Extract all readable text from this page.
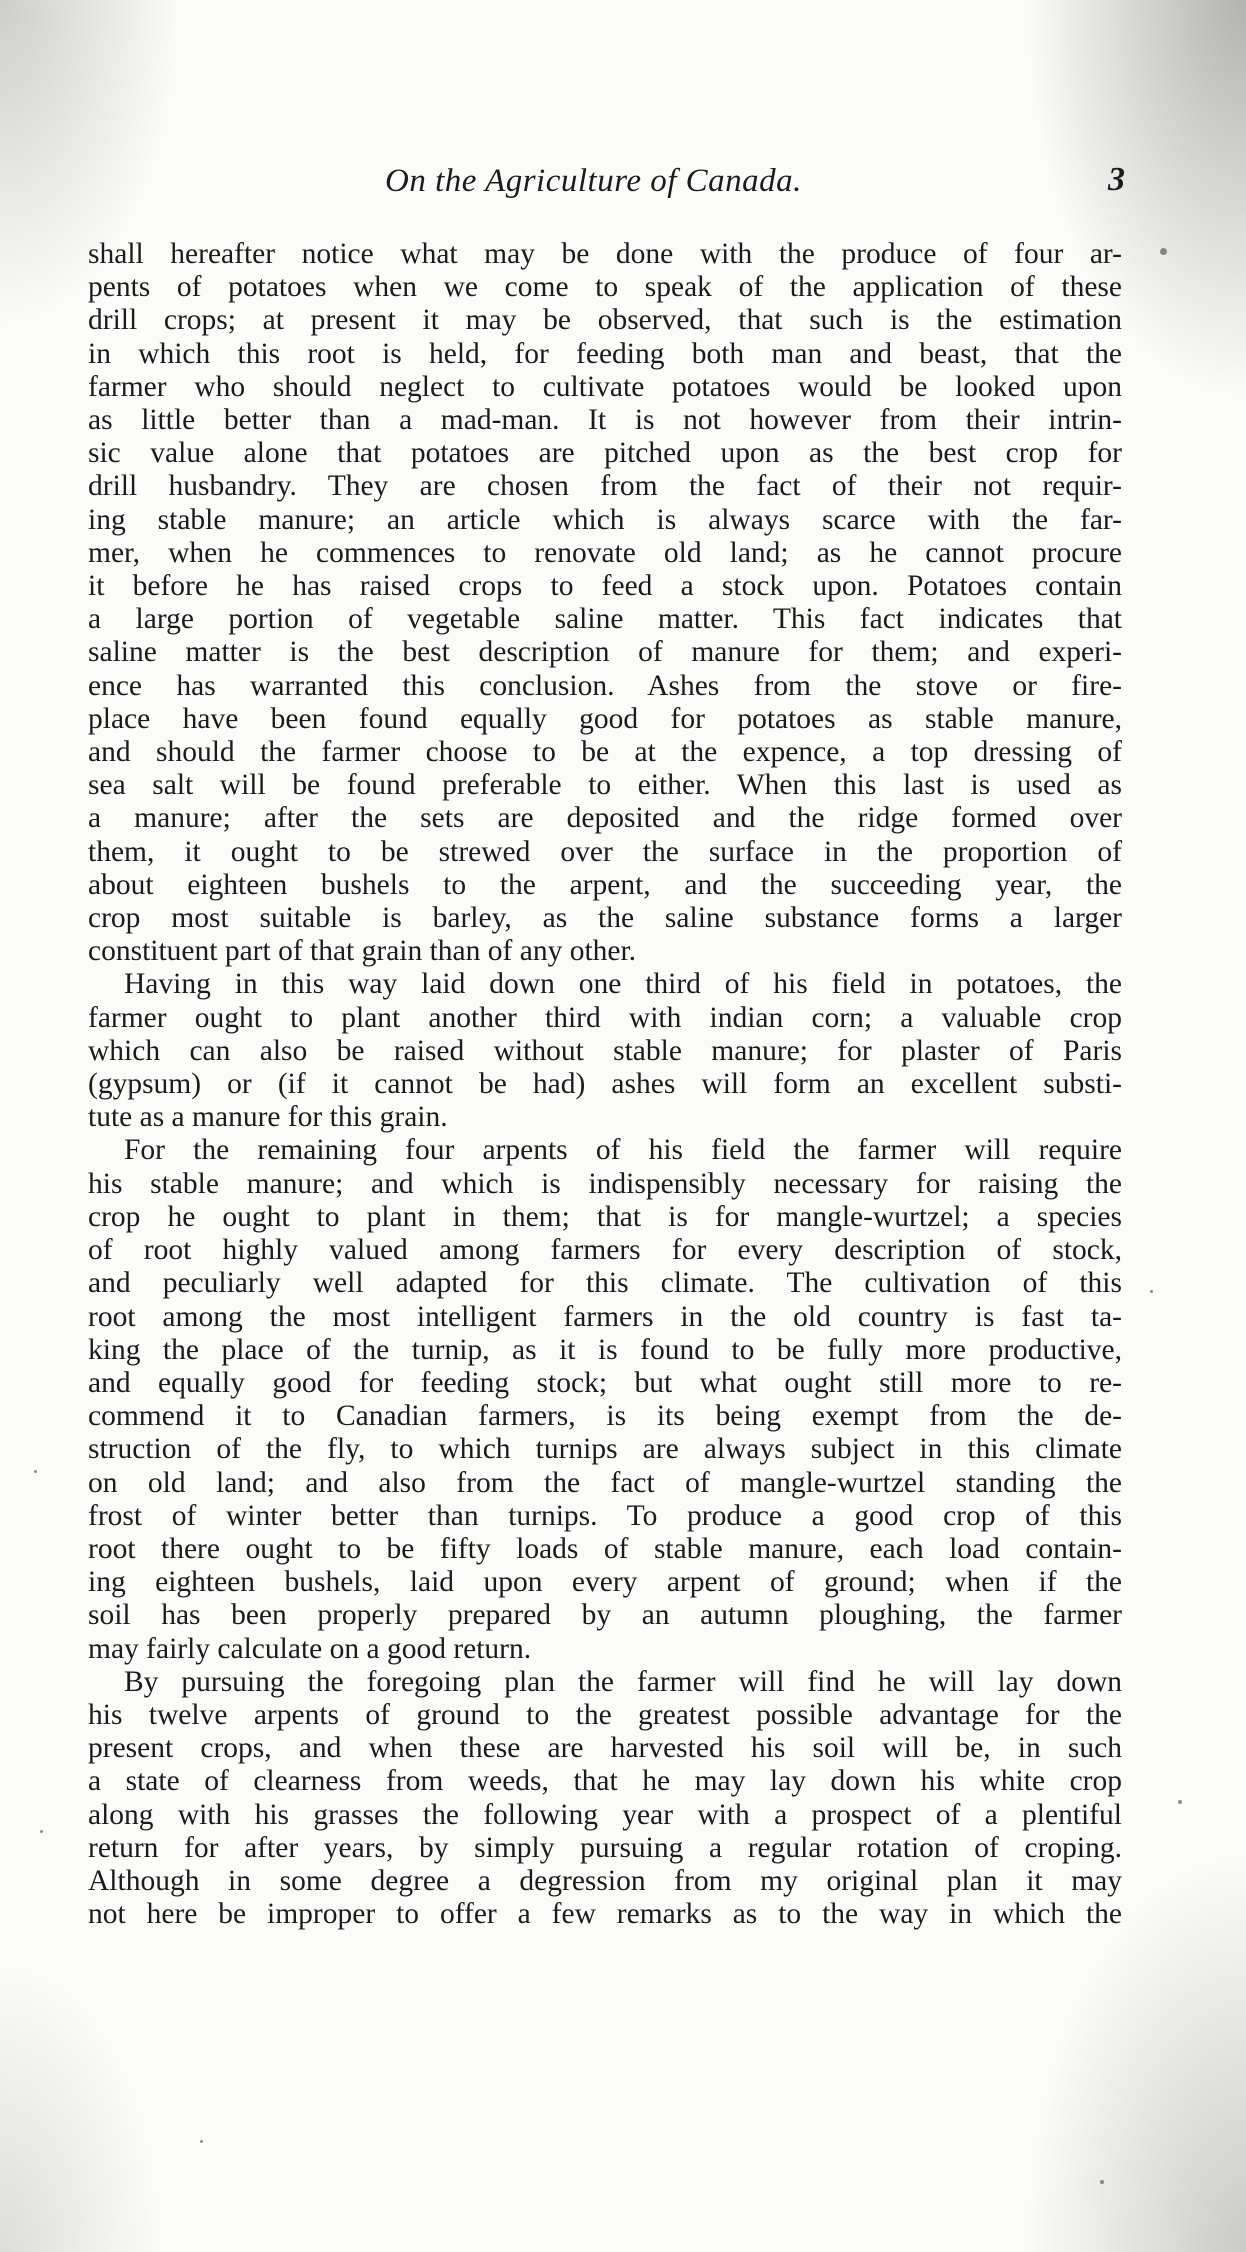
On the Agriculture of Canada.	3
shall hereafter notice what may be done with the produce of four ar-
pents of potatoes when we come to speak of the application of these
drill crops; at present it may be observed, that such is the estimation
in which this root is held, for feeding both man and beast, that the
farmer who should neglect to cultivate potatoes would be looked upon
as little better than a mad-man. It is not however from their intrin-
sic value alone that potatoes are pitched upon as the best crop for
drill husbandry. They are chosen from the fact of their not requir-
ing stable manure; an article which is always scarce with the far-
mer, when he commences to renovate old land; as he cannot procure
it before he has raised crops to feed a stock upon. Potatoes contain
a large portion of vegetable saline matter. This fact indicates that
saline matter is the best description of manure for them; and experi-
ence has warranted this conclusion. Ashes from the stove or fire-
place have been found equally good for potatoes as stable manure,
and should the farmer choose to be at the expence, a top dressing of
sea salt will be found preferable to either. When this last is used as
a manure; after the sets are deposited and the ridge formed over
them, it ought to be strewed over the surface in the proportion of
about eighteen bushels to the arpent, and the succeeding year, the
crop most suitable is barley, as the saline substance forms a larger
constituent part of that grain than of any other.
Having in this way laid down one third of his field in potatoes, the
farmer ought to plant another third with indian corn; a valuable crop
which can also be raised without stable manure; for plaster of Paris
(gypsum) or (if it cannot be had) ashes will form an excellent substi-
tute as a manure for this grain.
For the remaining four arpents of his field the farmer will require
his stable manure; and which is indispensibly necessary for raising the
crop he ought to plant in them; that is for mangle-wurtzel; a species
of root highly valued among farmers for every description of stock,
and peculiarly well adapted for this climate. The cultivation of this
root among the most intelligent farmers in the old country is fast ta-
king the place of the turnip, as it is found to be fully more productive,
and equally good for feeding stock; but what ought still more to re-
commend it to Canadian farmers, is its being exempt from the de-
struction of the fly, to which turnips are always subject in this climate
on old land; and also from the fact of mangle-wurtzel standing the
frost of winter better than turnips. To produce a good crop of this
root there ought to be fifty loads of stable manure, each load contain-
ing eighteen bushels, laid upon every arpent of ground; when if the
soil has been properly prepared by an autumn ploughing, the farmer
may fairly calculate on a good return.
By pursuing the foregoing plan the farmer will find he will lay down
his twelve arpents of ground to the greatest possible advantage for the
present crops, and when these are harvested his soil will be, in such
a state of clearness from weeds, that he may lay down his white crop
along with his grasses the following year with a prospect of a plentiful
return for after years, by simply pursuing a regular rotation of croping.
Although in some degree a degression from my original plan it may
not here be improper to offer a few remarks as to the way in which the
